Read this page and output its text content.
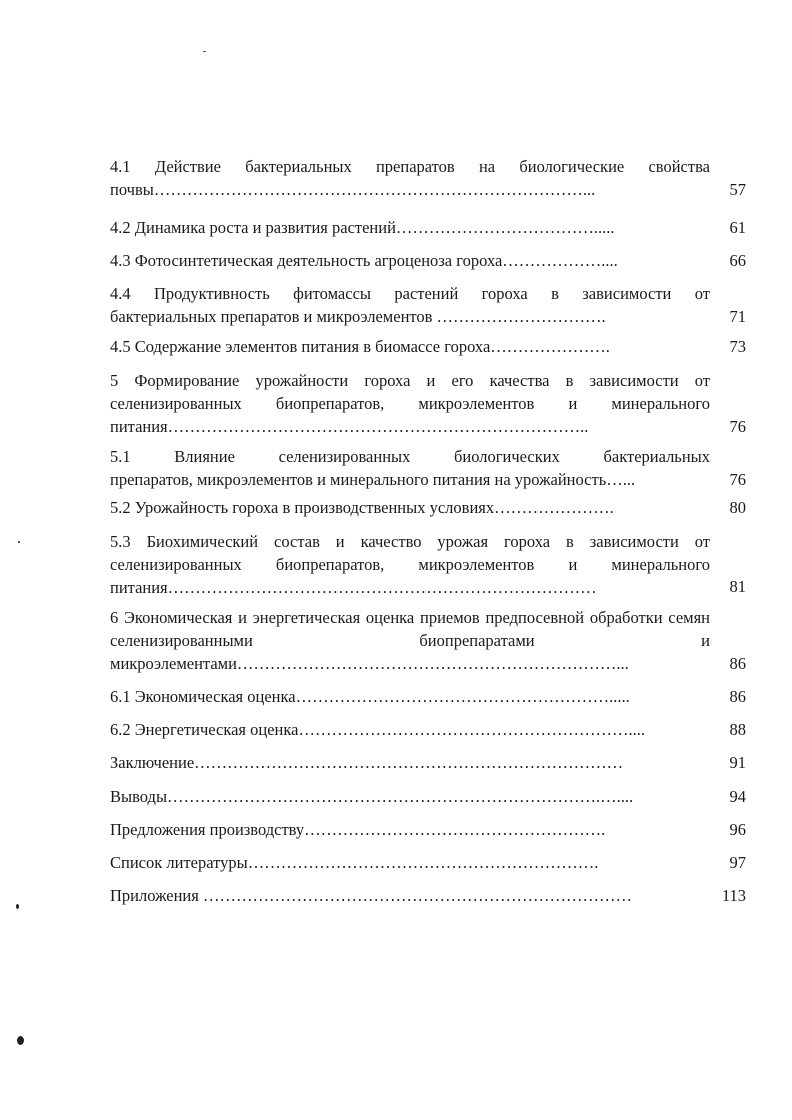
4.1 Действие бактериальных препаратов на биологические свойства
почвы……………………………………………………………………...	57
4.2 Динамика роста и развития растений……………………………….....	61
4.3 Фотосинтетическая деятельность агроценоза гороха………………....	66
4.4 Продуктивность фитомассы растений гороха в зависимости от
бактериальных препаратов и микроэлементов ………………………….	71
4.5 Содержание элементов питания в биомассе гороха………………….	73
5 Формирование урожайности гороха и его качества в зависимости от селенизированных биопрепаратов, микроэлементов и минерального
питания…………………………………………………………………..	76
5.1 Влияние селенизированных биологических бактериальных
препаратов, микроэлементов и минерального питания на урожайность…...	76
5.2 Урожайность гороха в производственных условиях………………….	80
5.3 Биохимический состав и качество урожая гороха в зависимости от селенизированных биопрепаратов, микроэлементов и минерального
питания……………………………………………………………………	81
6 Экономическая и энергетическая оценка приемов предпосевной обработки семян селенизированными биопрепаратами и
микроэлементами……………………………………………………………...	86
6.1 Экономическая оценка………………………………………………….....	86
6.2 Энергетическая оценка……………………………………………………....	88
Заключение……………………………………………………………………	91
Выводы…………………………………………………………………….…....	94
Предложения производству……………………………………………….	96
Список литературы……………………………………………………….	97
Приложения ……………………………………………………………………	113
